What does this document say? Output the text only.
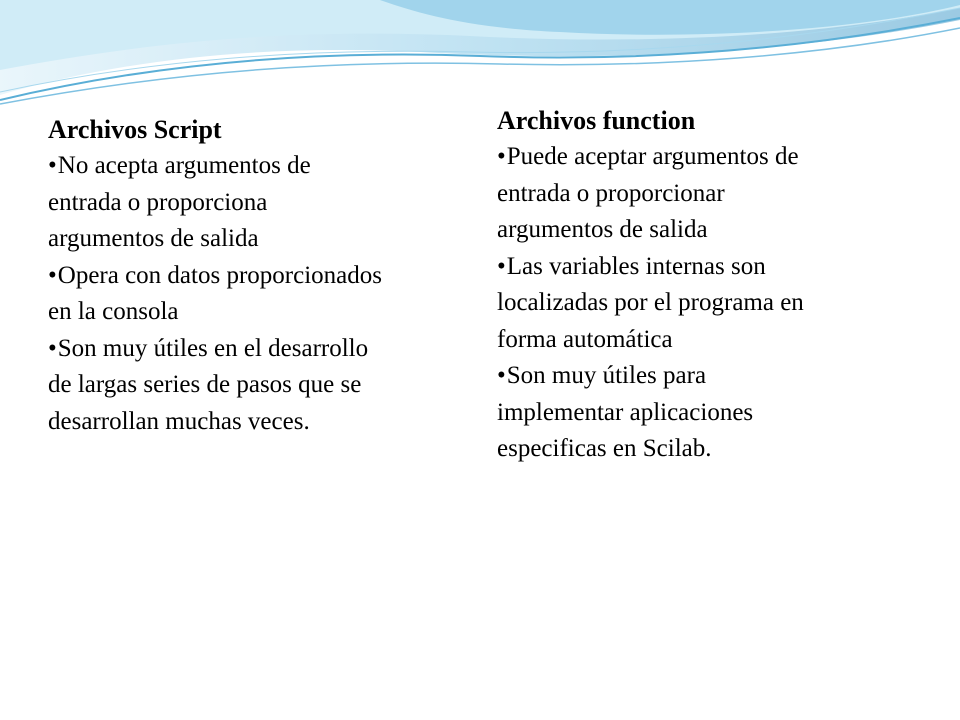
Archivos Script

•No acepta argumentos de
entrada o proporciona
argumentos de salida
•Opera con datos proporcionados
en la consola
•Son muy útiles en el desarrollo
de largas series de pasos que se
desarrollan muchas veces.

Archivos function

•Puede aceptar argumentos de
entrada o proporcionar
argumentos de salida
•Las variables internas son
localizadas por el programa en
forma automática
•Son muy útiles para
implementar aplicaciones
especificas en Scilab.
